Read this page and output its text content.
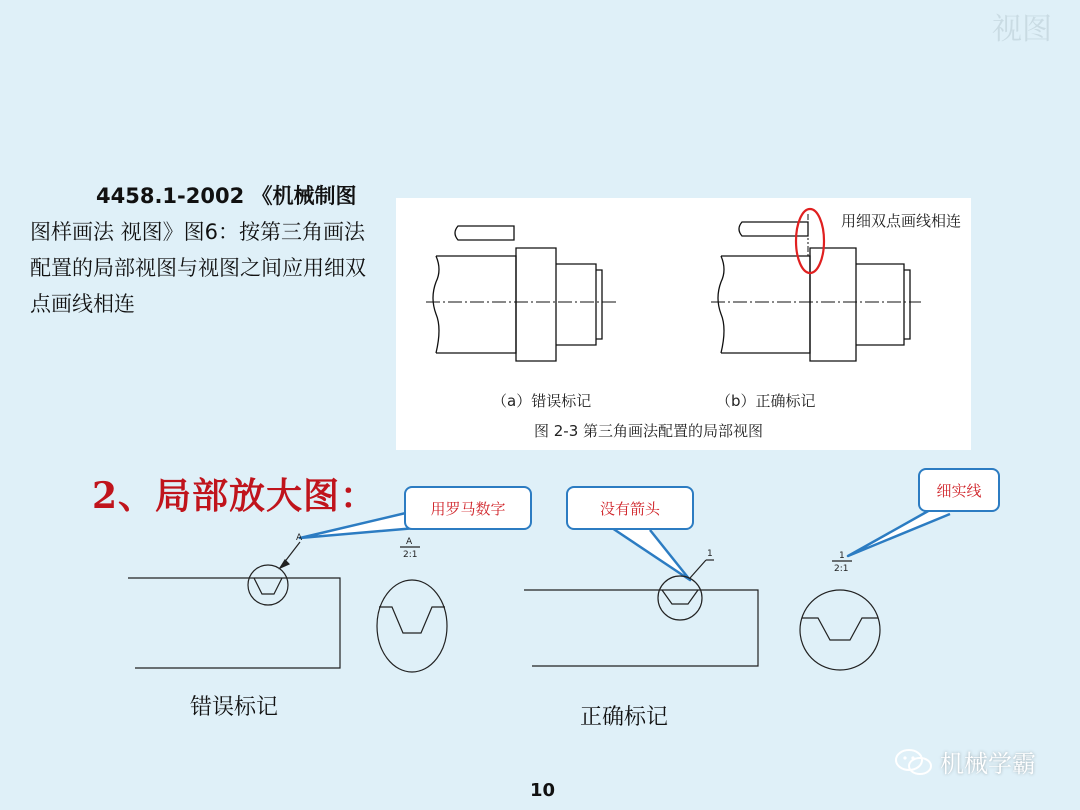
视图
4458.1-2002 《机械制图
图样画法 视图》图6：按第三角画法配置的局部视图与视图之间应用细双点画线相连
用细双点画线相连
（a）错误标记	（b）正确标记
图 2-3 第三角画法配置的局部视图
2、局部放大图：
A	A
2:1	1	1
2:1
用罗马数字	没有箭头
细实线
错误标记	正确标记
10
机械学霸
